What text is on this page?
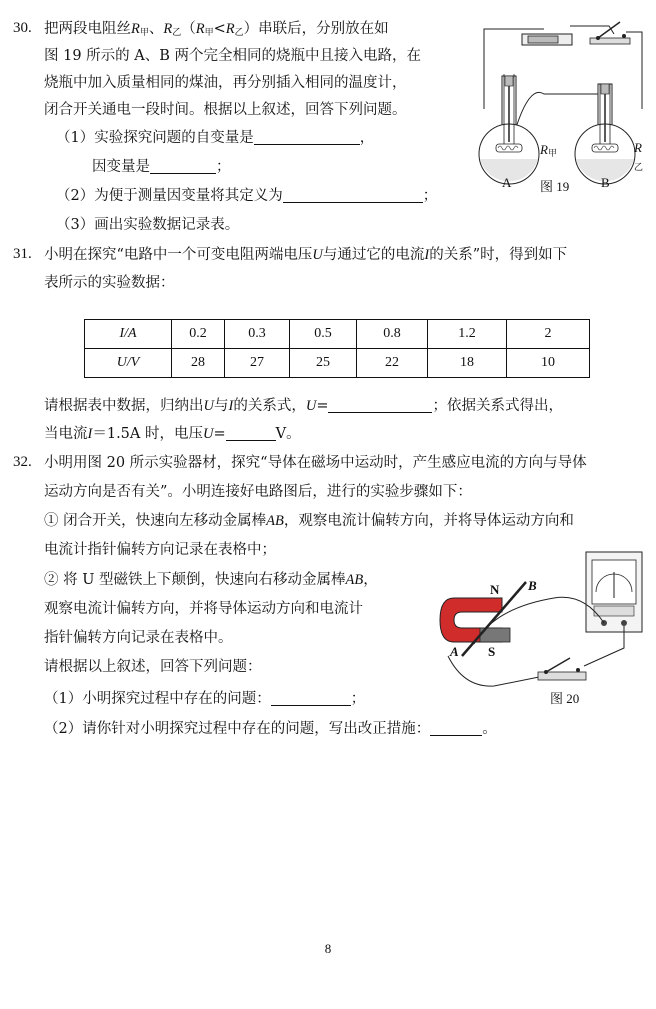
30. 把两段电阻丝$R_甲$、$R_乙(R_甲<R_乙)$串联后，分别放在如
图 19 所示的 A、B 两个完全相同的烧瓶中且接入电路，在
烧瓶中加入质量相同的煤油，再分别插入相同的温度计，
闭合开关通电一段时间。根据以上叙述，回答下列问题。
（1）实验探究问题的自变量是	，
因变量是	；
（2）为便于测量因变量将其定义为	；
（3）画出实验数据记录表。
$R_甲$	$R_乙$
A 图 19 B
31. 小明在探究“电路中一个可变电阻两端电压U与通过它的电流I的关系”时，得到如下
表所示的实验数据：
I/A	0.2	0.3	0.5	0.8	1.2	2
U/V	28	27	25	22	18	10
请根据表中数据，归纳出U与I的关系式，U=	；依据关系式得出，
当电流I＝1.5A 时，电压U=	V。
32. 小明用图 20 所示实验器材，探究“导体在磁场中运动时，产生感应电流的方向与导体
运动方向是否有关”。小明连接好电路图后，进行的实验步骤如下：
① 闭合开关，快速向左移动金属棒AB，观察电流计偏转方向，并将导体运动方向和
电流计指针偏转方向记录在表格中；
② 将 U 型磁铁上下颠倒，快速向右移动金属棒AB，
观察电流计偏转方向，并将导体运动方向和电流计
指针偏转方向记录在表格中。
请根据以上叙述，回答下列问题：
（1）小明探究过程中存在的问题：	；
（2）请你针对小明探究过程中存在的问题，写出改正措施：	。
N B
A S
图 20
8
